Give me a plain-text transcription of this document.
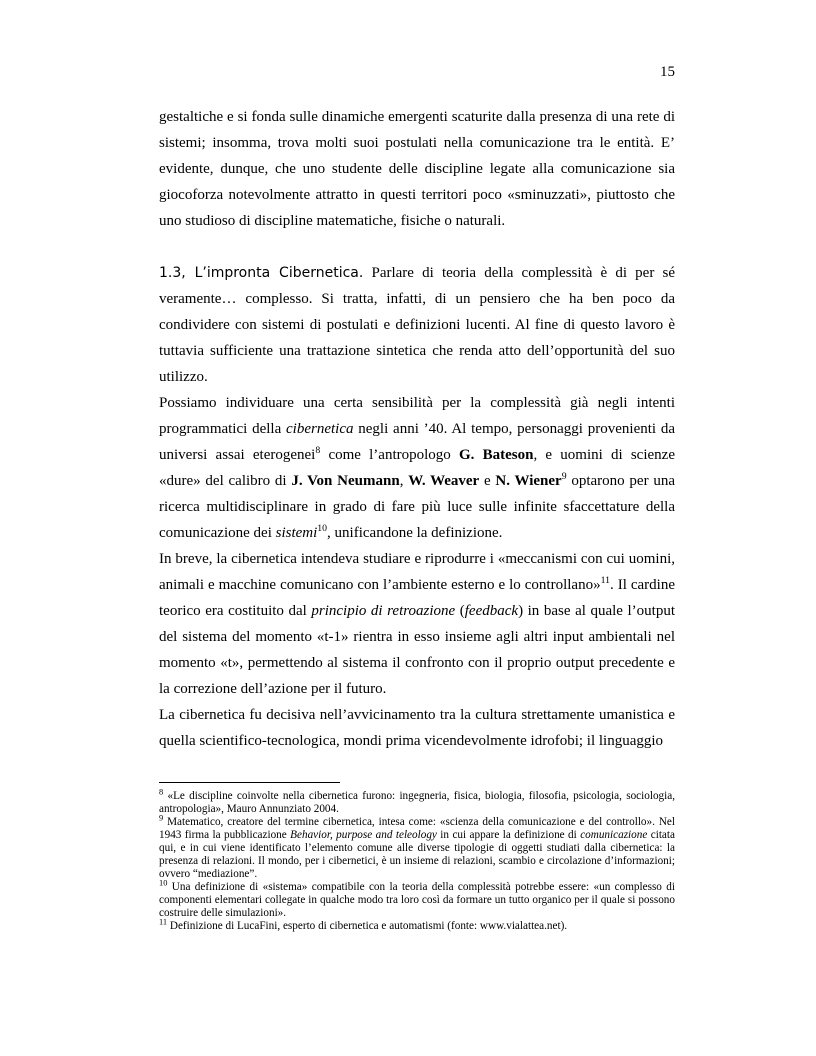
15

gestaltiche e si fonda sulle dinamiche emergenti scaturite dalla presenza di una rete di sistemi; insomma, trova molti suoi postulati nella comunicazione tra le entità. E’ evidente, dunque, che uno studente delle discipline legate alla comunicazione sia giocoforza notevolmente attratto in questi territori poco «sminuzzati», piuttosto che uno studioso di discipline matematiche, fisiche o naturali.

1.3, L’impronta Cibernetica. Parlare di teoria della complessità è di per sé veramente… complesso. Si tratta, infatti, di un pensiero che ha ben poco da condividere con sistemi di postulati e definizioni lucenti. Al fine di questo lavoro è tuttavia sufficiente una trattazione sintetica che renda atto dell’opportunità del suo utilizzo.

Possiamo individuare una certa sensibilità per la complessità già negli intenti programmatici della cibernetica negli anni ’40. Al tempo, personaggi provenienti da universi assai eterogenei$^8$ come l’antropologo G. Bateson, e uomini di scienze «dure» del calibro di J. Von Neumann, W. Weaver e N. Wiener$^9$ optarono per una ricerca multidisciplinare in grado di fare più luce sulle infinite sfaccettature della comunicazione dei sistemi$^{10}$, unificandone la definizione.

In breve, la cibernetica intendeva studiare e riprodurre i «meccanismi con cui uomini, animali e macchine comunicano con l’ambiente esterno e lo controllano»$^{11}$. Il cardine teorico era costituito dal principio di retroazione (feedback) in base al quale l’output del sistema del momento «t-1» rientra in esso insieme agli altri input ambientali nel momento «t», permettendo al sistema il confronto con il proprio output precedente e la correzione dell’azione per il futuro.

La cibernetica fu decisiva nell’avvicinamento tra la cultura strettamente umanistica e quella scientifico-tecnologica, mondi prima vicendevolmente idrofobi; il linguaggio

$^8$ «Le discipline coinvolte nella cibernetica furono: ingegneria, fisica, biologia, filosofia, psicologia, sociologia, antropologia», Mauro Annunziato 2004.

$^9$ Matematico, creatore del termine cibernetica, intesa come: «scienza della comunicazione e del controllo». Nel 1943 firma la pubblicazione Behavior, purpose and teleology in cui appare la definizione di comunicazione citata qui, e in cui viene identificato l’elemento comune alle diverse tipologie di oggetti studiati dalla cibernetica: la presenza di relazioni. Il mondo, per i cibernetici, è un insieme di relazioni, scambio e circolazione d’informazioni; ovvero “mediazione”.

$^{10}$ Una definizione di «sistema» compatibile con la teoria della complessità potrebbe essere: «un complesso di componenti elementari collegate in qualche modo tra loro così da formare un tutto organico per il quale si possono costruire delle simulazioni».

$^{11}$ Definizione di LucaFini, esperto di cibernetica e automatismi (fonte: www.vialattea.net).
